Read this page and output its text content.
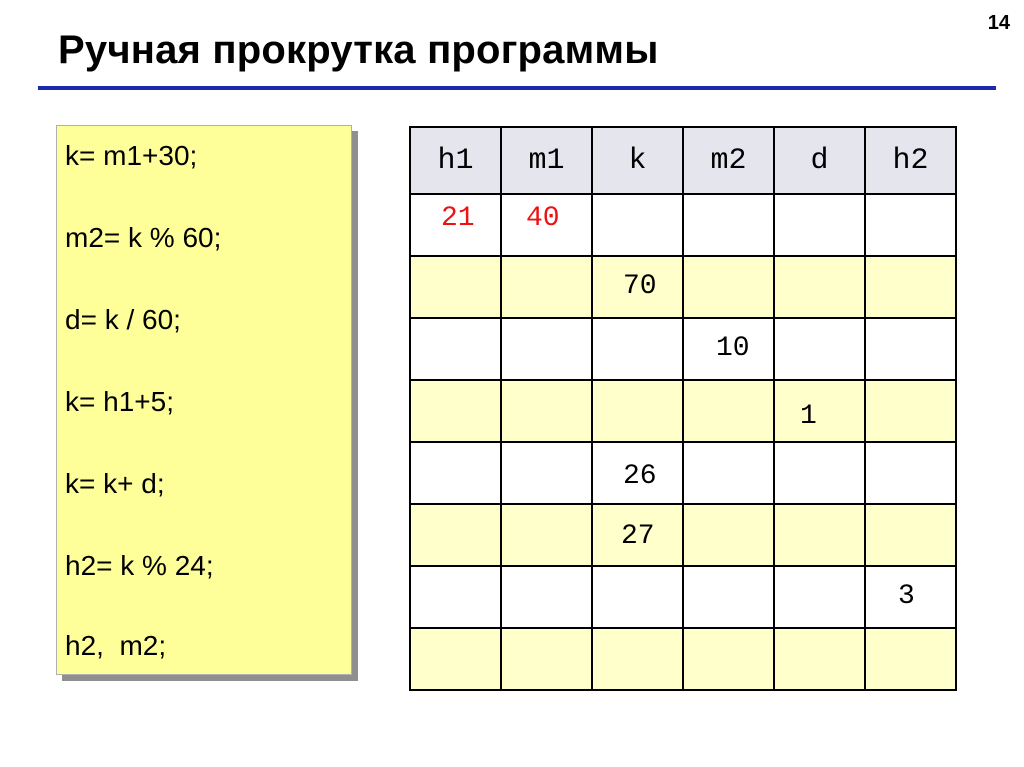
14
Ручная прокрутка программы
k= m1+30;
m2= k % 60;
d= k / 60;
k= h1+5;
k= k+ d;
h2= k % 24;
h2,  m2;
h1	m1	k	m2	d	h2

21	40				

		70			

			10		

				1	

		26			

		27			

					3
